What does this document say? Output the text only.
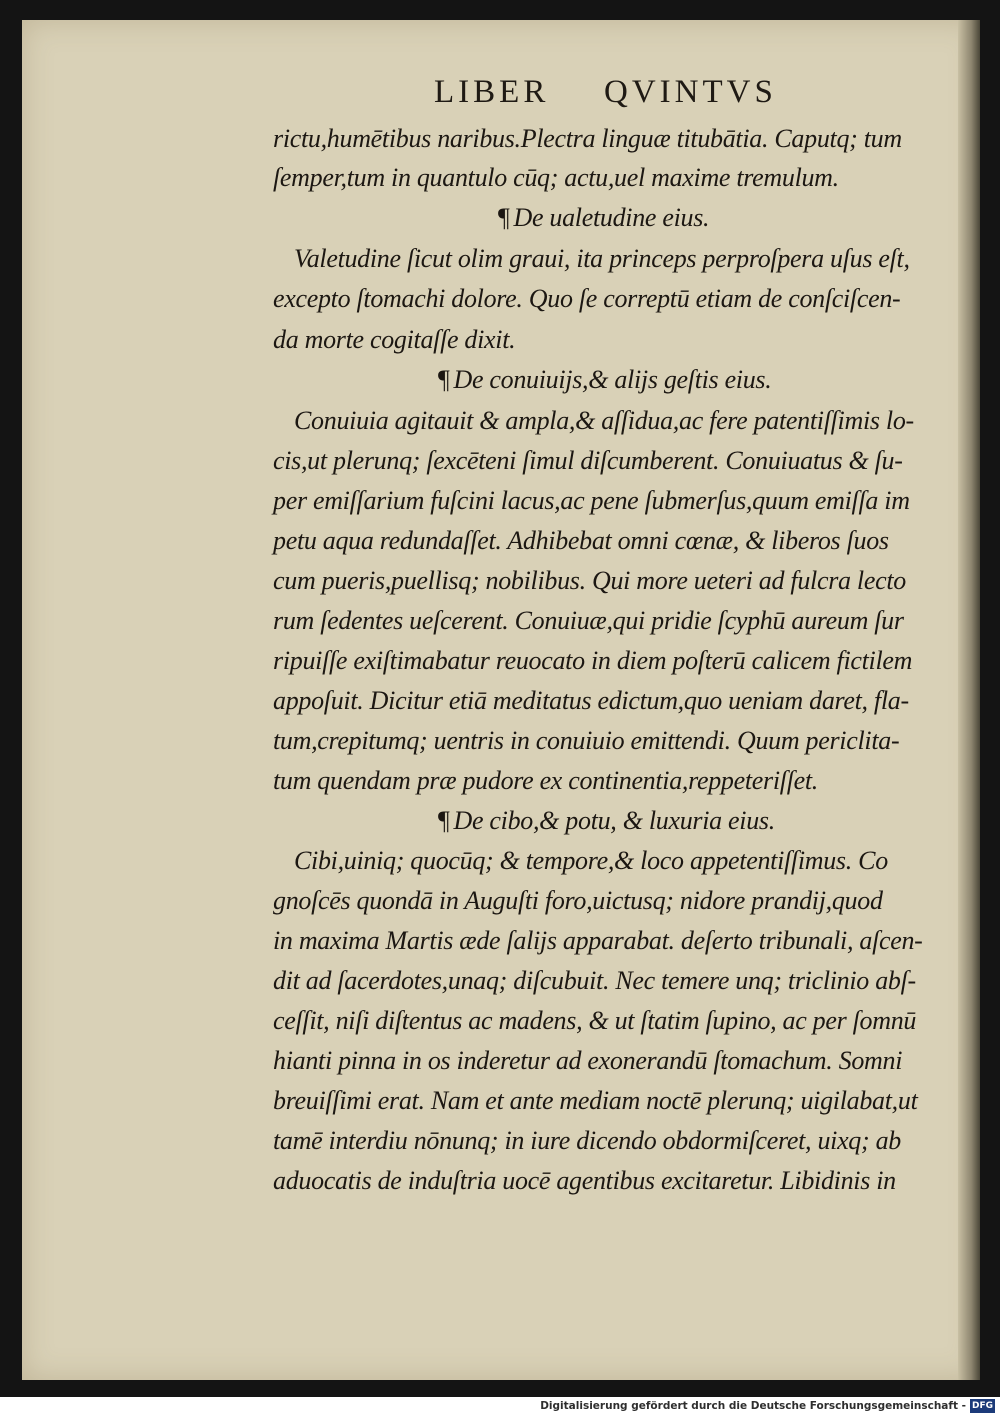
LIBER QVINTVS
rictu,humētibus naribus.Plectra linguæ titubātia. Caputq; tum
ſemper,tum in quantulo cūq; actu,uel maxime tremulum.
¶ De ualetudine eius.
Valetudine ſicut olim graui, ita princeps perproſpera uſus eſt,
excepto ſtomachi dolore. Quo ſe correptū etiam de conſciſcen-
da morte cogitaſſe dixit.
¶ De conuiuijs,& alijs geſtis eius.
Conuiuia agitauit & ampla,& aſſidua,ac fere patentiſſimis lo-
cis,ut plerunq; ſexcēteni ſimul diſcumberent. Conuiuatus & ſu-
per emiſſarium fuſcini lacus,ac pene ſubmerſus,quum emiſſa im
petu aqua redundaſſet. Adhibebat omni cœnæ, & liberos ſuos
cum pueris,puellisq; nobilibus. Qui more ueteri ad fulcra lecto
rum ſedentes ueſcerent. Conuiuæ,qui pridie ſcyphū aureum ſur
ripuiſſe exiſtimabatur reuocato in diem poſterū calicem fictilem
appoſuit. Dicitur etiā meditatus edictum,quo ueniam daret, fla-
tum,crepitumq; uentris in conuiuio emittendi. Quum periclita-
tum quendam præ pudore ex continentia,reppeteriſſet.
¶ De cibo,& potu, & luxuria eius.
Cibi,uiniq; quocūq; & tempore,& loco appetentiſſimus. Co
gnoſcēs quondā in Auguſti foro,uictusq; nidore prandij,quod
in maxima Martis æde ſalijs apparabat. deſerto tribunali, aſcen-
dit ad ſacerdotes,unaq; diſcubuit. Nec temere unq; triclinio abſ-
ceſſit, niſi diſtentus ac madens, & ut ſtatim ſupino, ac per ſomnū
hianti pinna in os inderetur ad exonerandū ſtomachum. Somni
breuiſſimi erat. Nam et ante mediam noctē plerunq; uigilabat,ut
tamē interdiu nōnunq; in iure dicendo obdormiſceret, uixq; ab
aduocatis de induſtria uocē agentibus excitaretur. Libidinis in
Digitalisierung gefördert durch die Deutsche Forschungsgemeinschaft - DFG
